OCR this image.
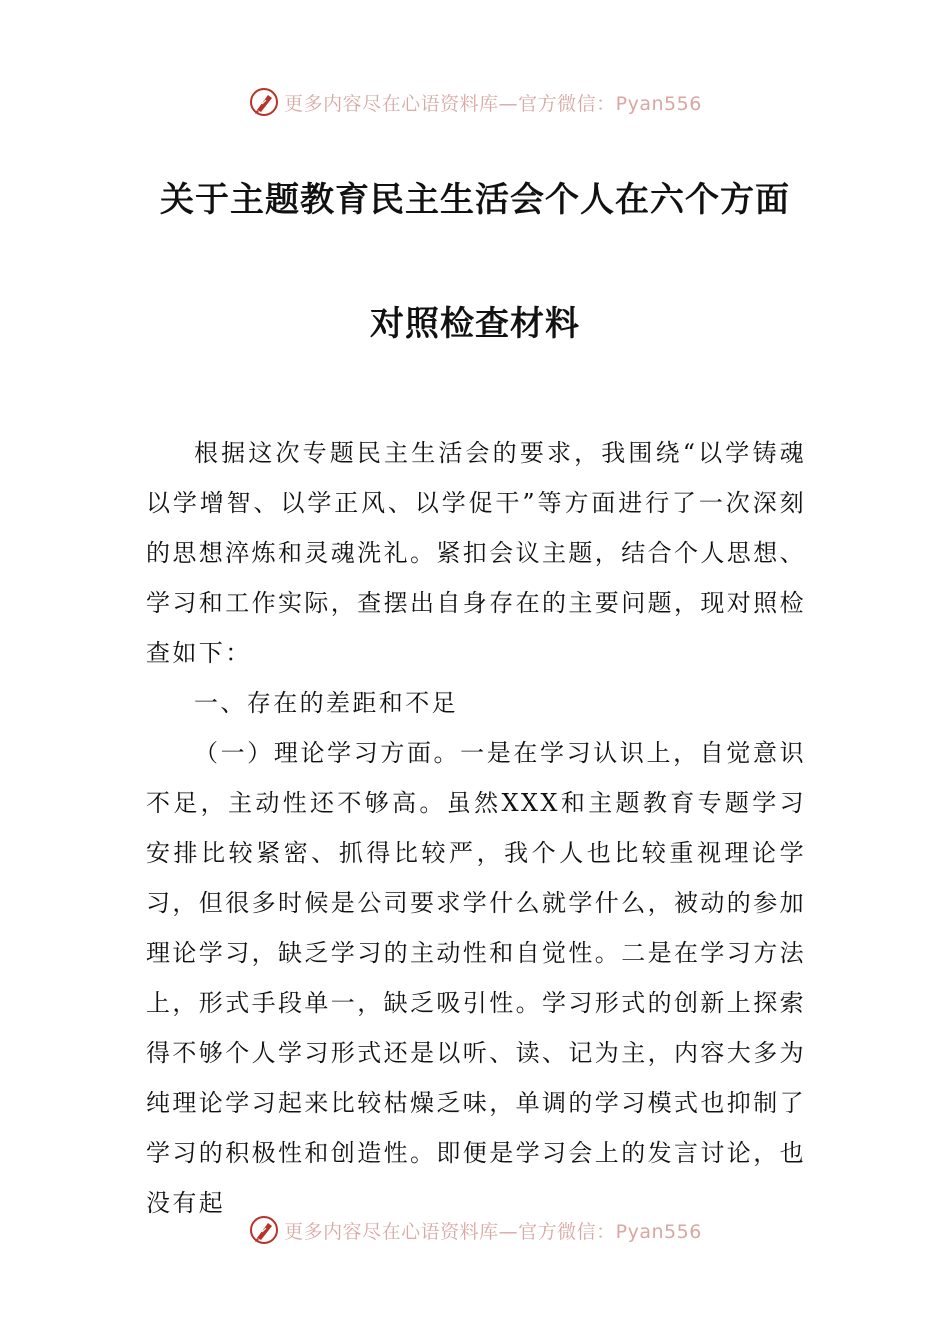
更多内容尽在心语资料库—官方微信：Pyan556
关于主题教育民主生活会个人在六个方面
对照检查材料

根据这次专题民主生活会的要求，我围绕“以学铸魂以学增智、以学正风、以学促干”等方面进行了一次深刻的思想淬炼和灵魂洗礼。紧扣会议主题，结合个人思想、学习和工作实际，查摆出自身存在的主要问题，现对照检查如下：

一、存在的差距和不足

（一）理论学习方面。一是在学习认识上，自觉意识不足，主动性还不够高。虽然XXX和主题教育专题学习安排比较紧密、抓得比较严，我个人也比较重视理论学习，但很多时候是公司要求学什么就学什么，被动的参加理论学习，缺乏学习的主动性和自觉性。二是在学习方法上，形式手段单一，缺乏吸引性。学习形式的创新上探索得不够个人学习形式还是以听、读、记为主，内容大多为纯理论学习起来比较枯燥乏味，单调的学习模式也抑制了学习的积极性和创造性。即便是学习会上的发言讨论，也没有起

更多内容尽在心语资料库—官方微信：Pyan556
